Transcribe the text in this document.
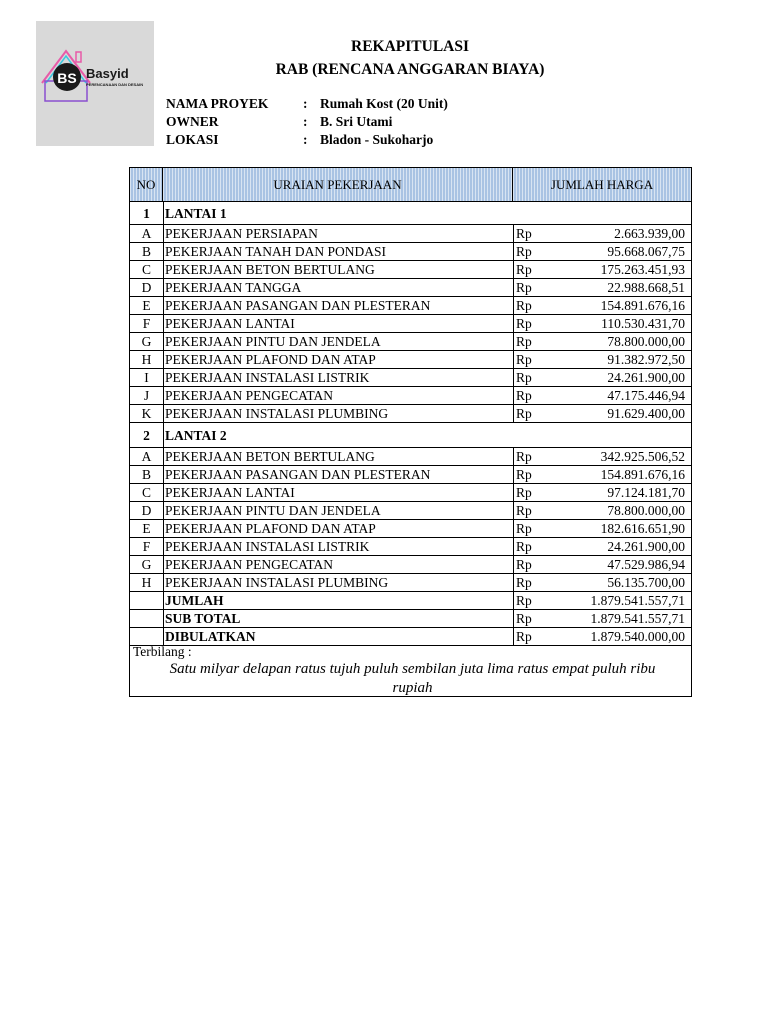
BS Basyid
PERENCANAAN DAN DESAIN
REKAPITULASI
RAB (RENCANA ANGGARAN BIAYA)
NAMA PROYEK	: Rumah Kost (20 Unit)
OWNER	: B. Sri Utami
LOKASI	: Bladon - Sukoharjo
NO	URAIAN PEKERJAAN	JUMLAH HARGA
1	LANTAI 1
A	PEKERJAAN PERSIAPAN	Rp	2.663.939,00
B	PEKERJAAN TANAH DAN PONDASI	Rp	95.668.067,75
C	PEKERJAAN BETON BERTULANG	Rp	175.263.451,93
D	PEKERJAAN TANGGA	Rp	22.988.668,51
E	PEKERJAAN PASANGAN DAN PLESTERAN	Rp	154.891.676,16
F	PEKERJAAN LANTAI	Rp	110.530.431,70
G	PEKERJAAN PINTU DAN JENDELA	Rp	78.800.000,00
H	PEKERJAAN PLAFOND DAN ATAP	Rp	91.382.972,50
I	PEKERJAAN INSTALASI LISTRIK	Rp	24.261.900,00
J	PEKERJAAN PENGECATAN	Rp	47.175.446,94
K	PEKERJAAN INSTALASI PLUMBING	Rp	91.629.400,00
2	LANTAI 2
A	PEKERJAAN BETON BERTULANG	Rp	342.925.506,52
B	PEKERJAAN PASANGAN DAN PLESTERAN	Rp	154.891.676,16
C	PEKERJAAN LANTAI	Rp	97.124.181,70
D	PEKERJAAN PINTU DAN JENDELA	Rp	78.800.000,00
E	PEKERJAAN PLAFOND DAN ATAP	Rp	182.616.651,90
F	PEKERJAAN INSTALASI LISTRIK	Rp	24.261.900,00
G	PEKERJAAN PENGECATAN	Rp	47.529.986,94
H	PEKERJAAN INSTALASI PLUMBING	Rp	56.135.700,00
JUMLAH	Rp	1.879.541.557,71
SUB TOTAL	Rp	1.879.541.557,71
DIBULATKAN	Rp	1.879.540.000,00
Terbilang :
Satu milyar delapan ratus tujuh puluh sembilan juta lima ratus empat puluh ribu
rupiah
